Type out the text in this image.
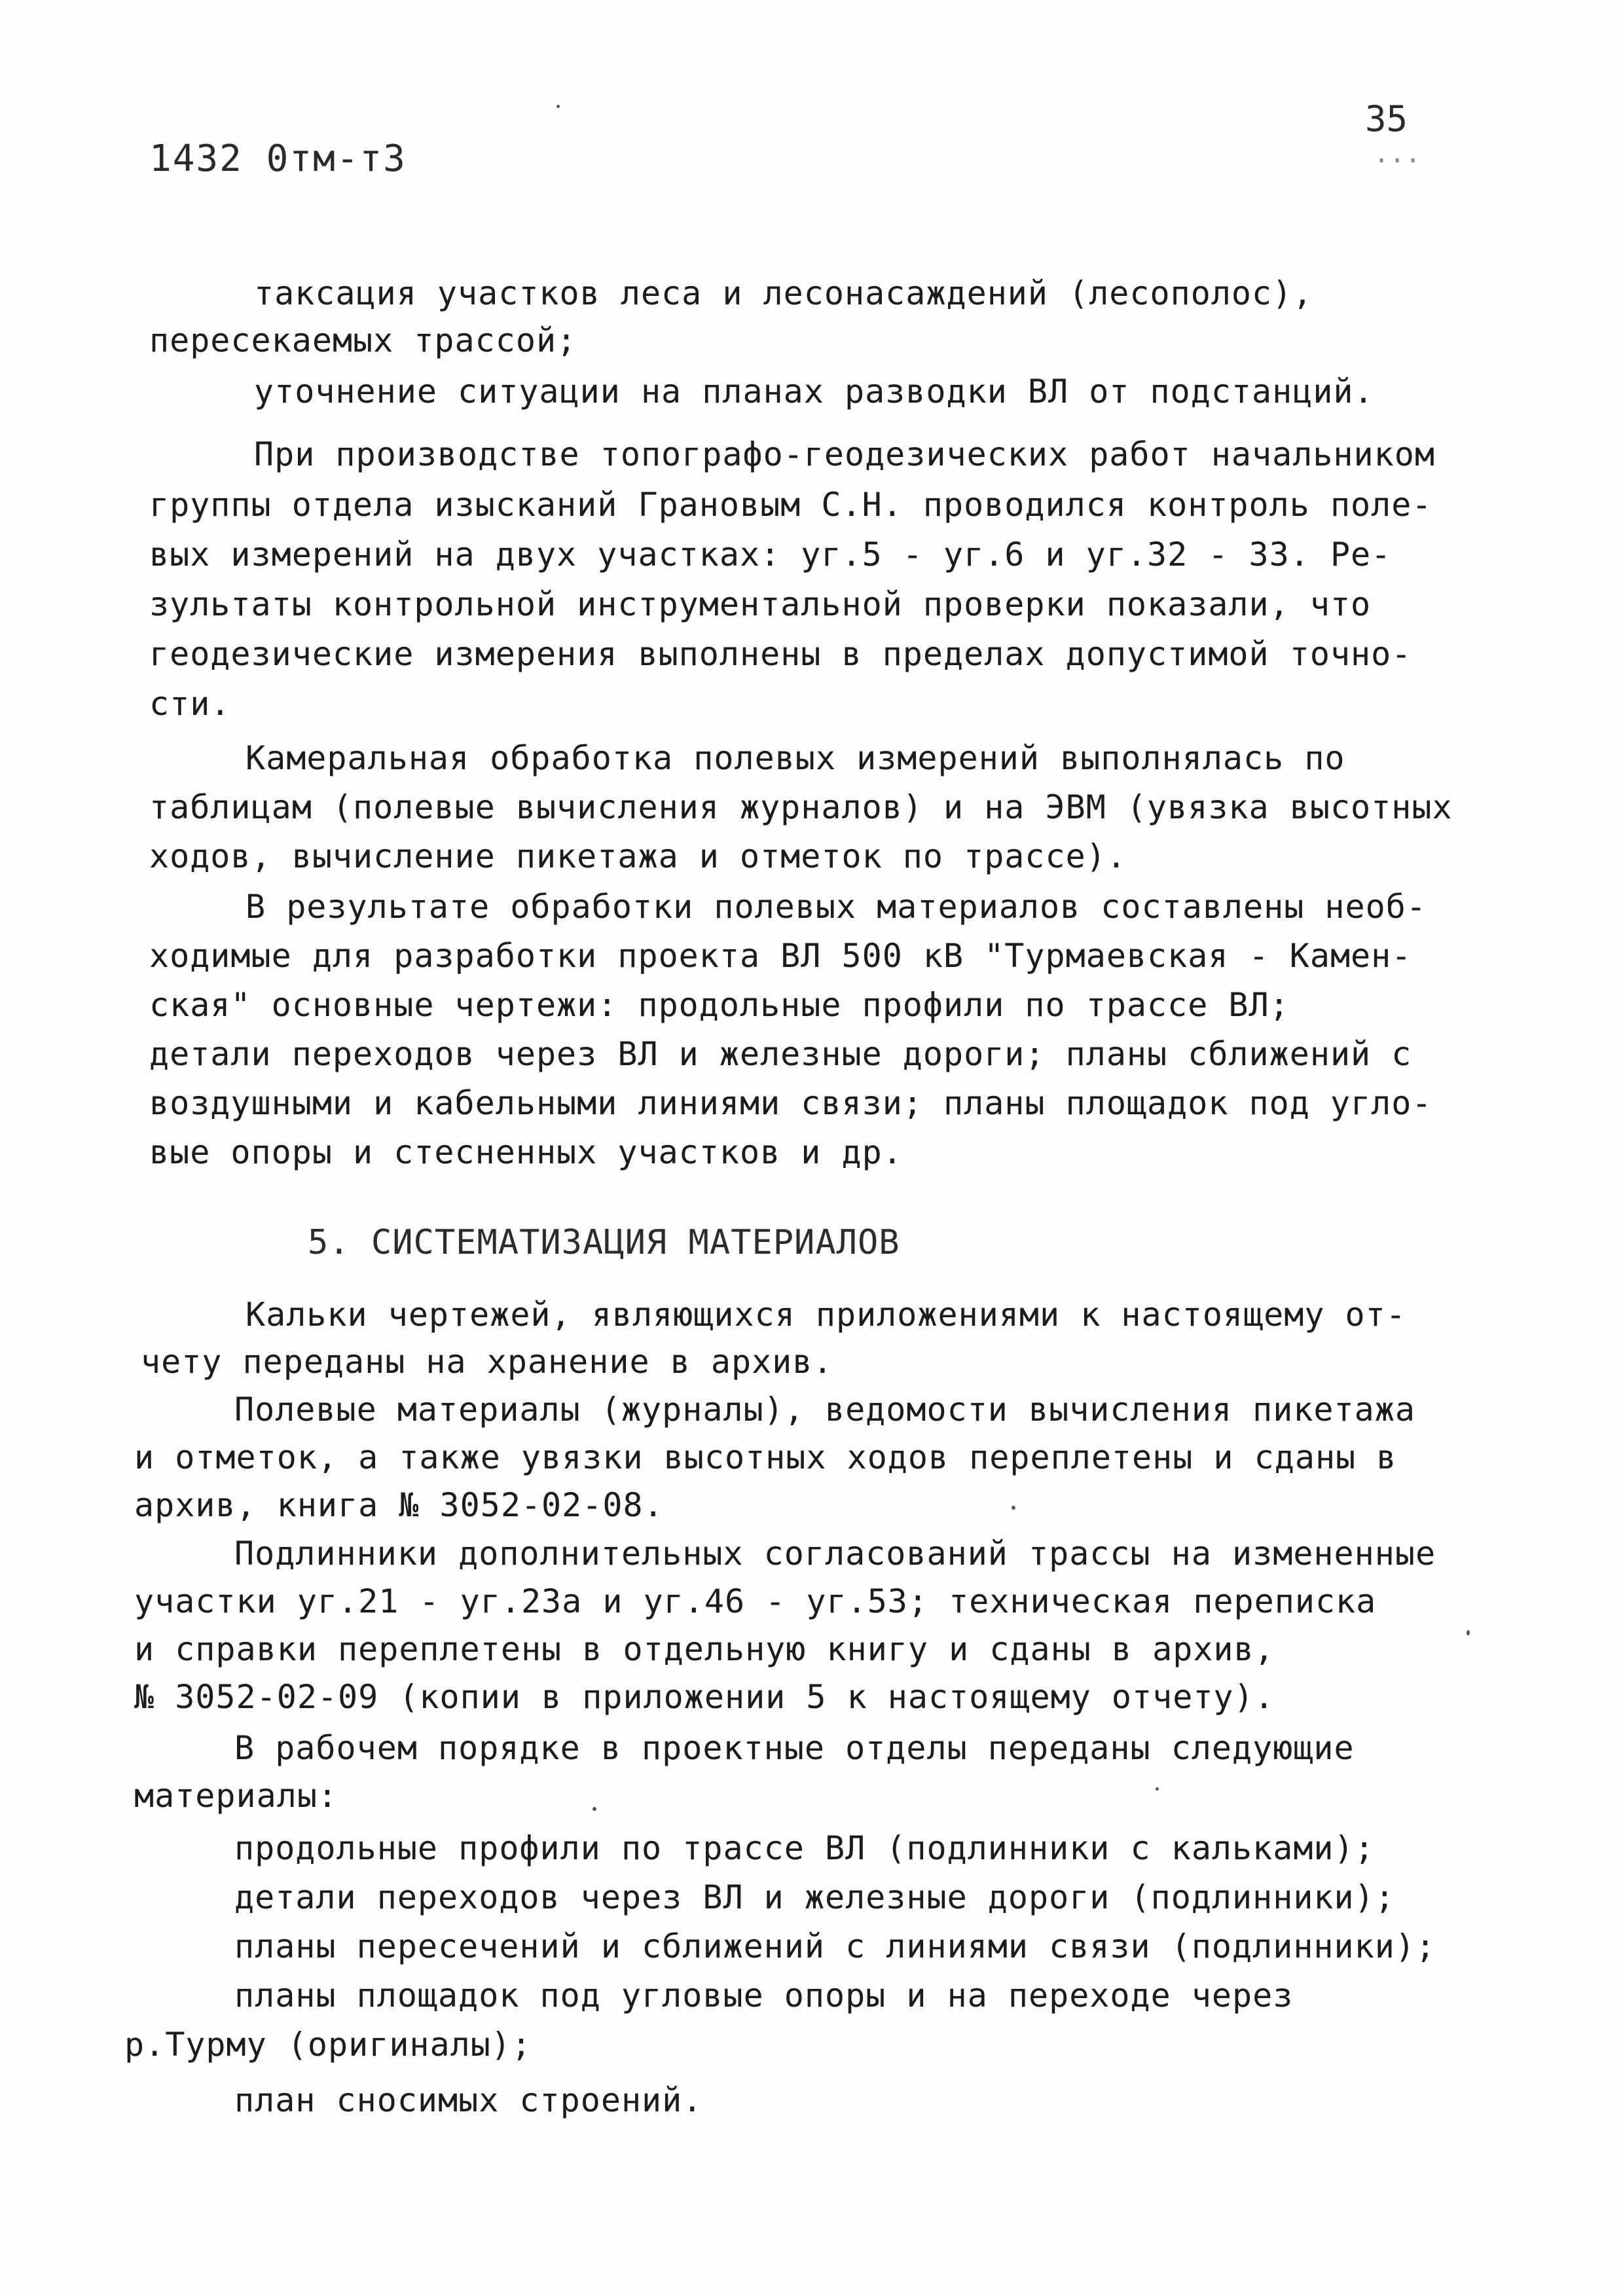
1432 0тм-т3
35
...
таксация участков леса и лесонасаждений (лесополос),
пересекаемых трассой;
уточнение ситуации на планах разводки ВЛ от подстанций.
При производстве топографо-геодезических работ начальником
группы отдела изысканий Грановым С.Н. проводился контроль поле-
вых измерений на двух участках: уг.5 - уг.6 и уг.32 - 33. Ре-
зультаты контрольной инструментальной проверки показали, что
геодезические измерения выполнены в пределах допустимой точно-
сти.
Камеральная обработка полевых измерений выполнялась по
таблицам (полевые вычисления журналов) и на ЭВМ (увязка высотных
ходов, вычисление пикетажа и отметок по трассе).
В результате обработки полевых материалов составлены необ-
ходимые для разработки проекта ВЛ 500 кВ "Турмаевская - Камен-
ская" основные чертежи: продольные профили по трассе ВЛ;
детали переходов через ВЛ и железные дороги; планы сближений с
воздушными и кабельными линиями связи; планы площадок под угло-
вые опоры и стесненных участков и др.
5. СИСТЕМАТИЗАЦИЯ МАТЕРИАЛОВ
Кальки чертежей, являющихся приложениями к настоящему от-
чету переданы на хранение в архив.
Полевые материалы (журналы), ведомости вычисления пикетажа
и отметок, а также увязки высотных ходов переплетены и сданы в
архив, книга № 3052-02-08.
Подлинники дополнительных согласований трассы на измененные
участки уг.21 - уг.23а и уг.46 - уг.53; техническая переписка
и справки переплетены в отдельную книгу и сданы в архив,
№ 3052-02-09 (копии в приложении 5 к настоящему отчету).
В рабочем порядке в проектные отделы переданы следующие
материалы:
продольные профили по трассе ВЛ (подлинники с кальками);
детали переходов через ВЛ и железные дороги (подлинники);
планы пересечений и сближений с линиями связи (подлинники);
планы площадок под угловые опоры и на переходе через
р.Турму (оригиналы);
план сносимых строений.
